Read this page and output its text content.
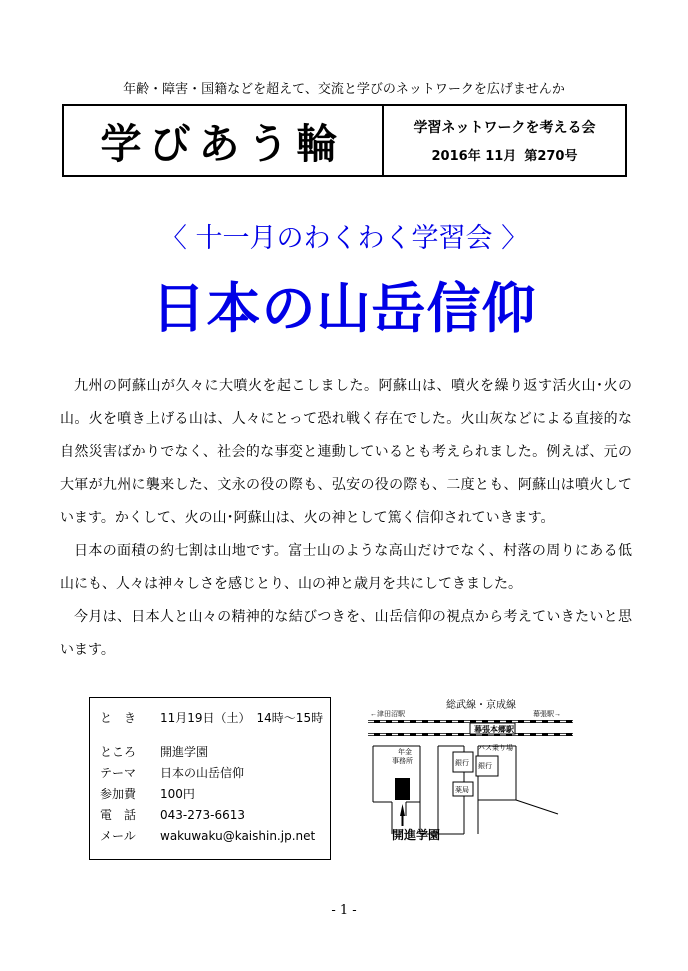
年齢・障害・国籍などを超えて、交流と学びのネットワークを広げませんか
学びあう輪	学習ネットワークを考える会
2016年 11月 第270号
〈 十一月のわくわく学習会 〉
日本の山岳信仰

九州の阿蘇山が久々に大噴火を起こしました。阿蘇山は、噴火を繰り返す活火山･火の山。火を噴き上げる山は、人々にとって恐れ戦く存在でした。火山灰などによる直接的な自然災害ばかりでなく、社会的な事変と連動しているとも考えられました。例えば、元の大軍が九州に襲来した、文永の役の際も、弘安の役の際も、二度とも、阿蘇山は噴火しています。かくして、火の山･阿蘇山は、火の神として篤く信仰されていきます。

日本の面積の約七割は山地です。富士山のような高山だけでなく、村落の周りにある低山にも、人々は神々しさを感じとり、山の神と歳月を共にしてきました。

今月は、日本人と山々の精神的な結びつきを、山岳信仰の視点から考えていきたいと思います。

と　き	11月19日（土）　14時～15時
ところ	開進学園
テーマ	日本の山岳信仰
参加費	100円
電　話	043-273-6613
メール	wakuwaku@kaishin.jp.net
総武線・京成線
←津田沼駅	幕張駅→
幕張本郷駅
バス乗り場
銀行
薬局
銀行
年金
事務所
開進学園
- 1 -
